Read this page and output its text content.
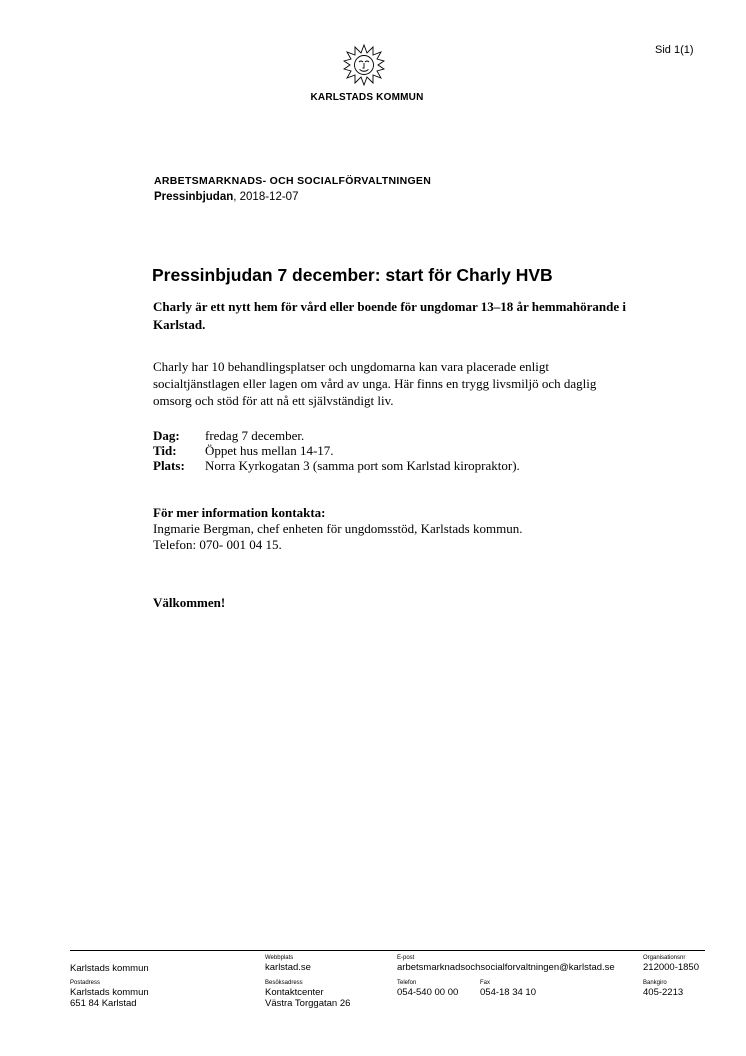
Sid 1(1)
KARLSTADS KOMMUN
ARBETSMARKNADS- OCH SOCIALFÖRVALTNINGEN
Pressinbjudan, 2018-12-07
Pressinbjudan 7 december: start för Charly HVB
Charly är ett nytt hem för vård eller boende för ungdomar 13–18 år hemmahörande i Karlstad.
Charly har 10 behandlingsplatser och ungdomarna kan vara placerade enligt socialtjänstlagen eller lagen om vård av unga. Här finns en trygg livsmiljö och daglig omsorg och stöd för att nå ett självständigt liv.
Dag:	fredag 7 december.
Tid:	Öppet hus mellan 14-17.
Plats:	Norra Kyrkogatan 3 (samma port som Karlstad kiropraktor).
För mer information kontakta:
Ingmarie Bergman, chef enheten för ungdomsstöd, Karlstads kommun.
Telefon: 070- 001 04 15.
Välkommen!
Karlstads kommun
Webbplats
karlstad.se
E-post
arbetsmarknadsochsocialforvaltningen@karlstad.se
Organisationsnr
212000-1850
Postadress
Karlstads kommun
651 84 Karlstad
Besöksadress
Kontaktcenter
Västra Torggatan 26
Telefon
054-540 00 00
Fax
054-18 34 10
Bankgiro
405-2213
